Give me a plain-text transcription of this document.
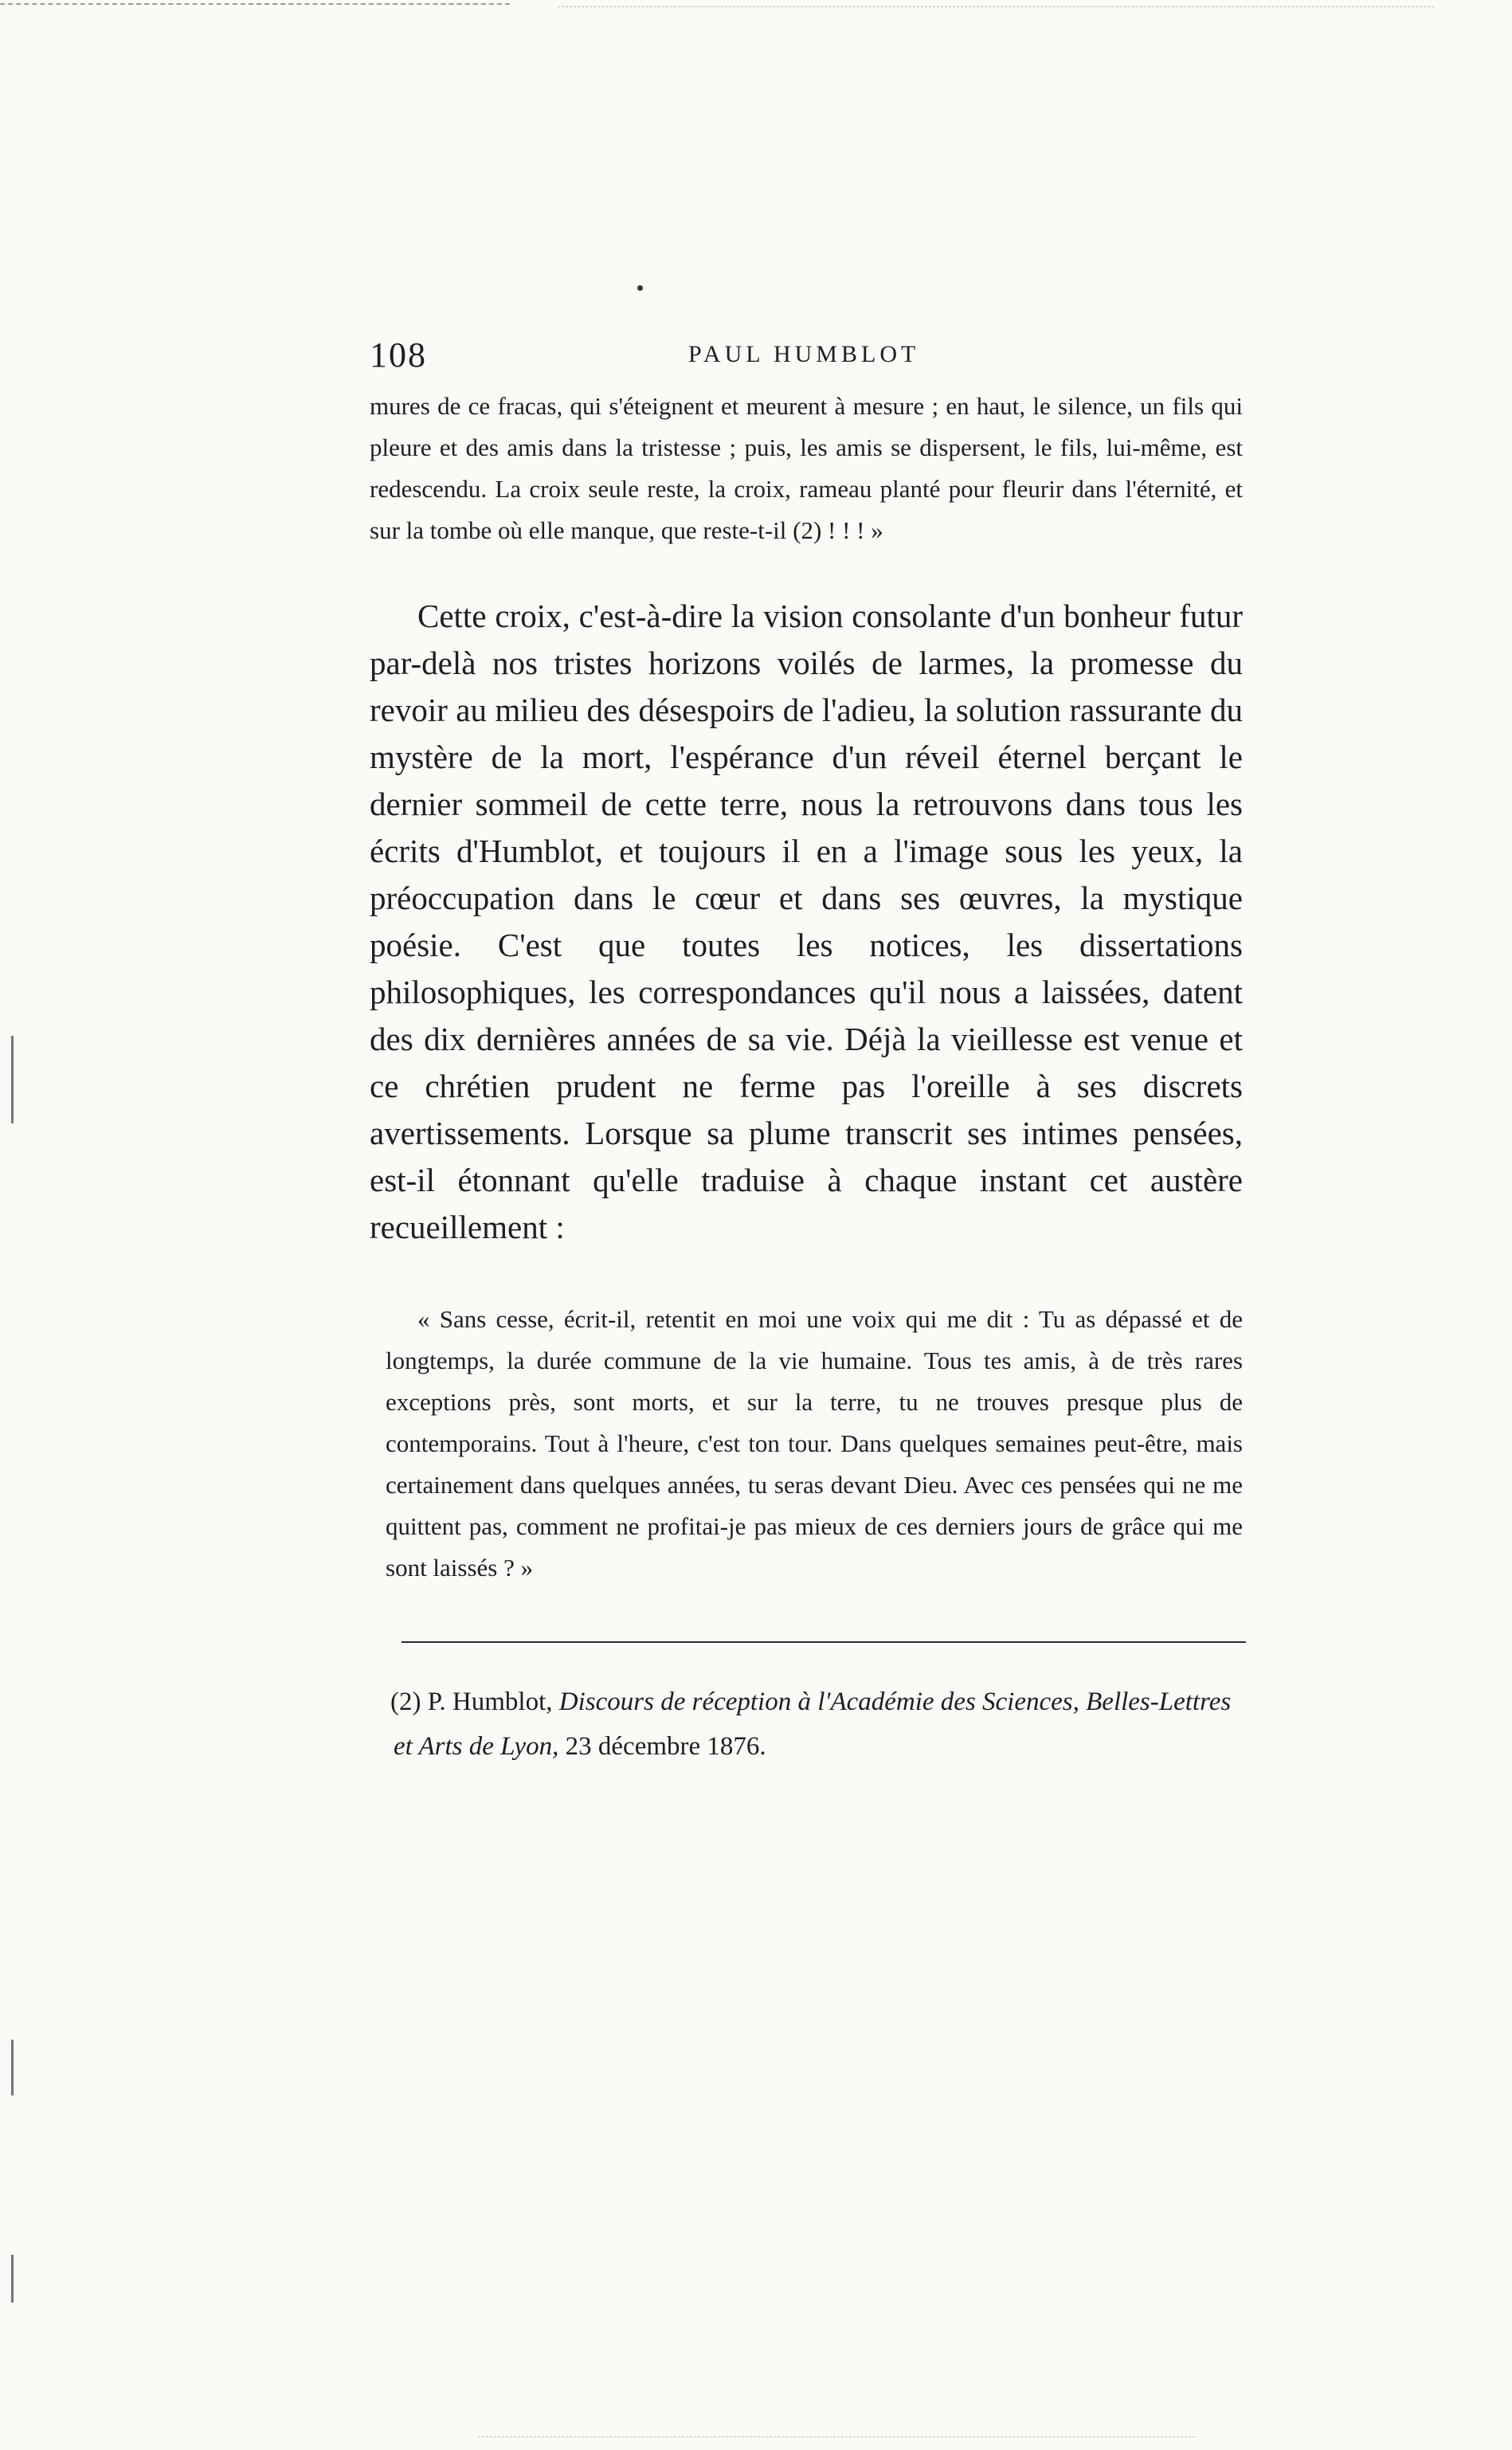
108	PAUL HUMBLOT

mures de ce fracas, qui s'éteignent et meurent à mesure ; en haut, le silence, un fils qui pleure et des amis dans la tristesse ; puis, les amis se dispersent, le fils, lui-même, est redescendu. La croix seule reste, la croix, rameau planté pour fleurir dans l'éternité, et sur la tombe où elle manque, que reste-t-il (2) ! ! ! »

Cette croix, c'est-à-dire la vision consolante d'un bonheur futur par-delà nos tristes horizons voilés de larmes, la promesse du revoir au milieu des désespoirs de l'adieu, la solution rassurante du mystère de la mort, l'espérance d'un réveil éternel berçant le dernier sommeil de cette terre, nous la retrouvons dans tous les écrits d'Humblot, et toujours il en a l'image sous les yeux, la préoccupation dans le cœur et dans ses œuvres, la mystique poésie. C'est que toutes les notices, les dissertations philosophiques, les correspondances qu'il nous a laissées, datent des dix dernières années de sa vie. Déjà la vieillesse est venue et ce chrétien prudent ne ferme pas l'oreille à ses discrets avertissements. Lorsque sa plume transcrit ses intimes pensées, est-il étonnant qu'elle traduise à chaque instant cet austère recueillement :

« Sans cesse, écrit-il, retentit en moi une voix qui me dit : Tu as dépassé et de longtemps, la durée commune de la vie humaine. Tous tes amis, à de très rares exceptions près, sont morts, et sur la terre, tu ne trouves presque plus de contemporains. Tout à l'heure, c'est ton tour. Dans quelques semaines peut-être, mais certainement dans quelques années, tu seras devant Dieu. Avec ces pensées qui ne me quittent pas, comment ne profitai-je pas mieux de ces derniers jours de grâce qui me sont laissés ? »

(2) P. Humblot, Discours de réception à l'Académie des Sciences, Belles-Lettres et Arts de Lyon, 23 décembre 1876.
